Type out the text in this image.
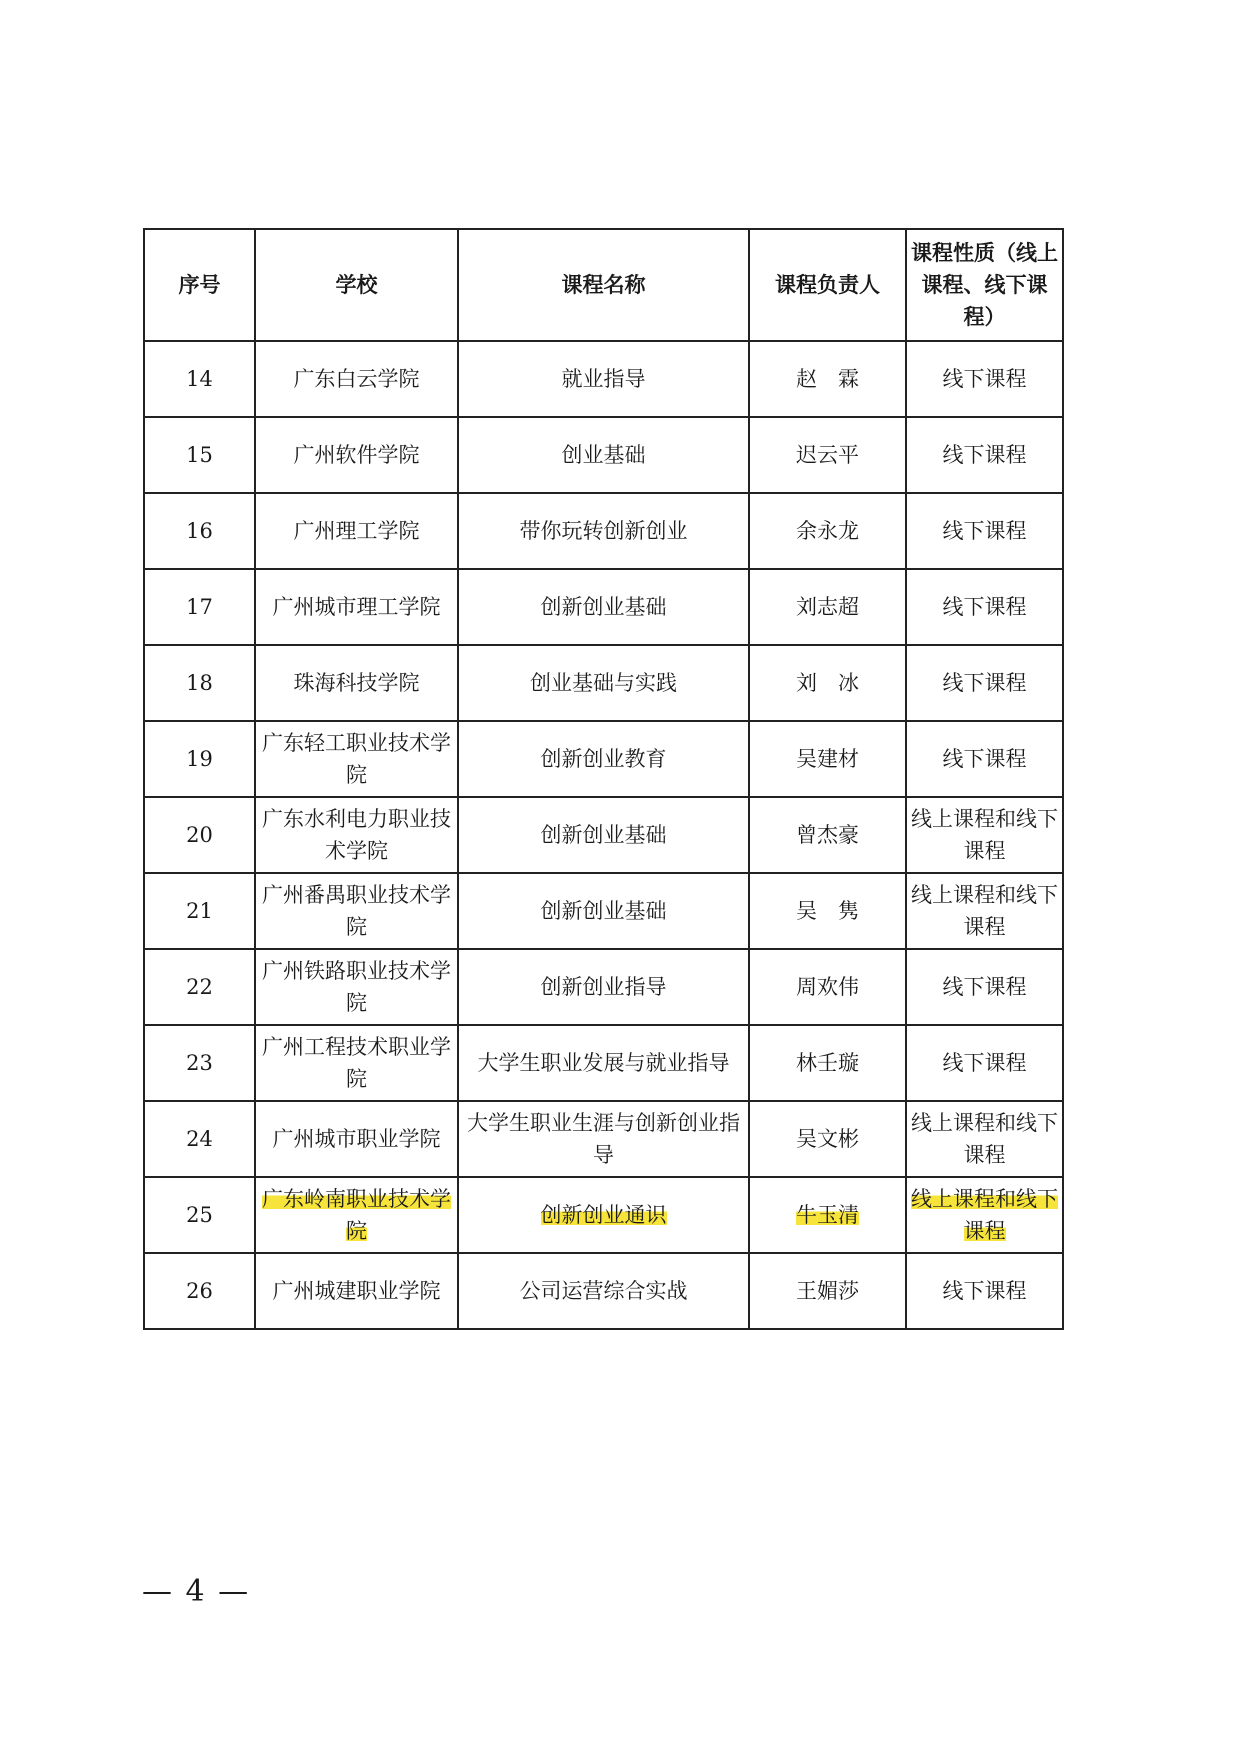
序号	学校	课程名称	课程负责人	课程性质（线上课程、线下课程）
14	广东白云学院	就业指导	赵　霖	线下课程
15	广州软件学院	创业基础	迟云平	线下课程
16	广州理工学院	带你玩转创新创业	余永龙	线下课程
17	广州城市理工学院	创新创业基础	刘志超	线下课程
18	珠海科技学院	创业基础与实践	刘　冰	线下课程
19	广东轻工职业技术学院	创新创业教育	吴建材	线下课程
20	广东水利电力职业技术学院	创新创业基础	曾杰豪	线上课程和线下课程
21	广州番禺职业技术学院	创新创业基础	吴　隽	线上课程和线下课程
22	广州铁路职业技术学院	创新创业指导	周欢伟	线下课程
23	广州工程技术职业学院	大学生职业发展与就业指导	林壬璇	线下课程
24	广州城市职业学院	大学生职业生涯与创新创业指导	吴文彬	线上课程和线下课程
25	广东岭南职业技术学院	创新创业通识	牛玉清	线上课程和线下课程
26	广州城建职业学院	公司运营综合实战	王媚莎	线下课程
— 4 —
